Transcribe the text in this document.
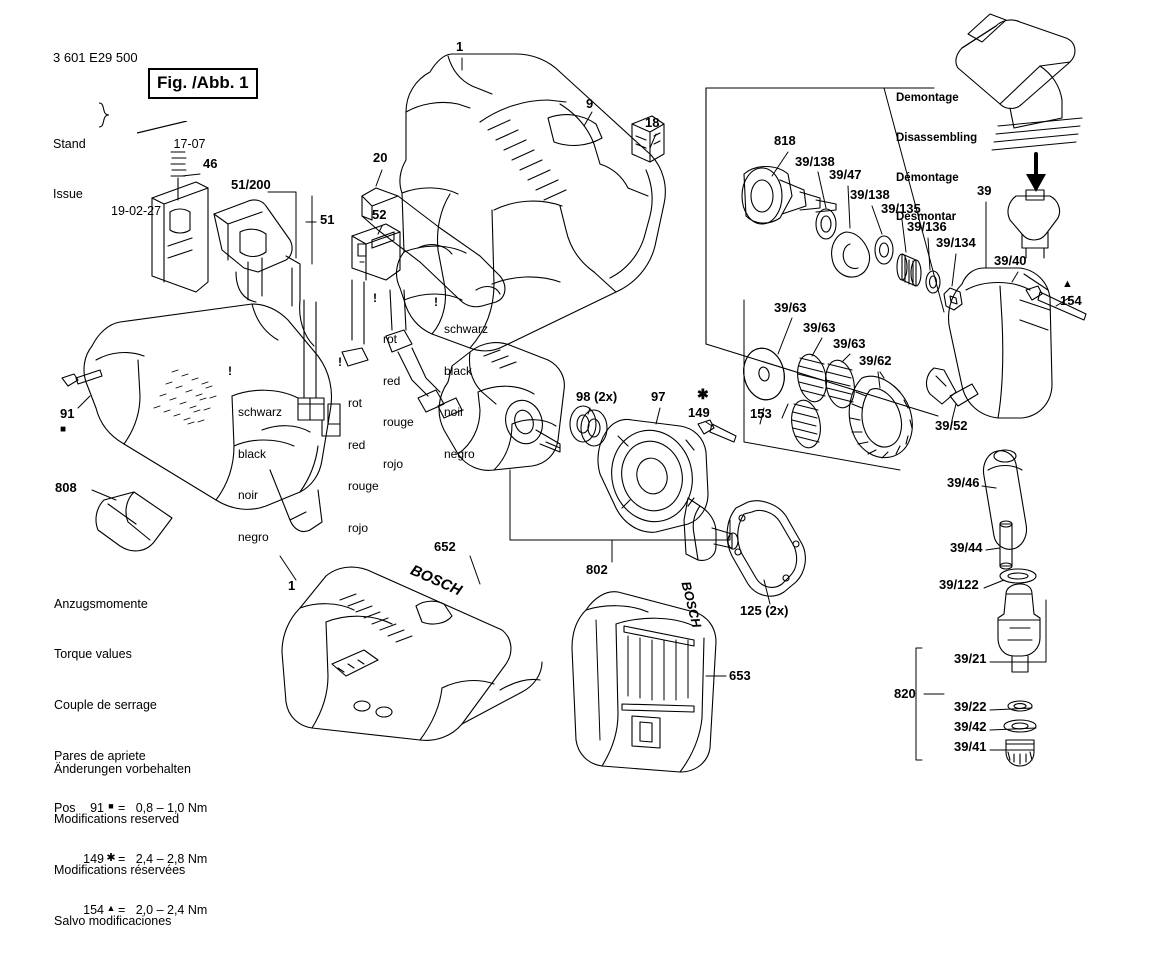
3 601 E29 500

Stand

Issue

17-07

19-02-27

Fig. /Abb. 1
1
9
18
20
46
51/200
51	52
91
■
808
1
652
653
98 (2x)	97 ✱
149
802
125 (2x)
153
818
39/138
39/47
39/138
39/135
39/136
39/134
39
39/40
154
▲
39/63
39/63
39/63
39/62
39/52
39/46
39/44
39/122
39/21
820
39/22
39/42
39/41

!

rot

red

rouge

rojo

!

schwarz

black

noir

negro

!

schwarz

black

noir

negro

!

rot

red

rouge

rojo

Demontage

Disassembling

Démontage

Desmontar

Anzugsmomente

Torque values

Couple de serrage

Pares de apriete

Pos	91 ■ =   0,8 – 1,0 Nm

149 ✱ =   2,4 – 2,8 Nm

154 ▲ =   2,0 – 2,4 Nm

Änderungen vorbehalten

Modifications reserved

Modifications réservées

Salvo modificaciones

BOSCH	BOSCH
